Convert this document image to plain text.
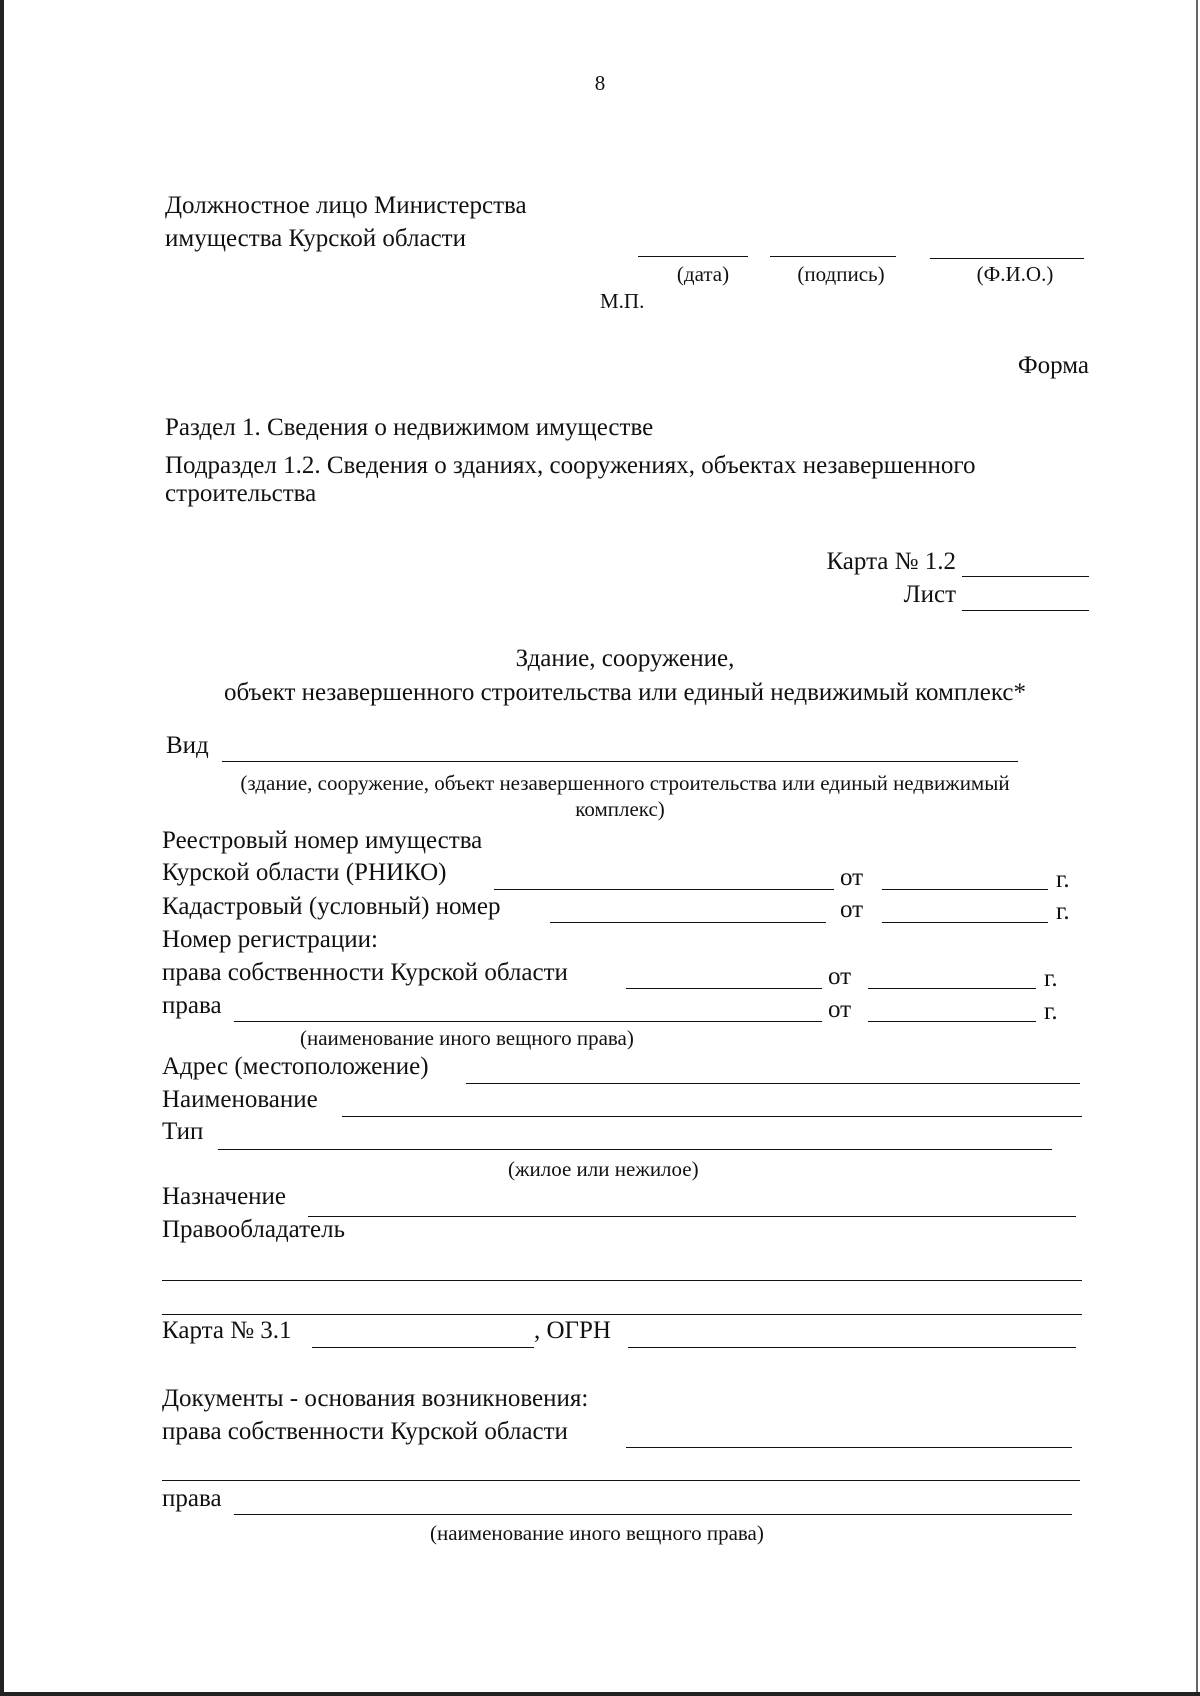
8
Должностное лицо Министерства
имущества Курской области
(дата)	(подпись)	(Ф.И.О.)
М.П.
Форма
Раздел 1. Сведения о недвижимом имуществе
Подраздел 1.2. Сведения о зданиях, сооружениях, объектах незавершенного
строительства
Карта № 1.2
Лист
Здание, сооружение,
объект незавершенного строительства или единый недвижимый комплекс*
Вид
(здание, сооружение, объект незавершенного строительства или единый недвижимый
комплекс)
Реестровый номер имущества
Курской области (РНИКО)	от	г.
Кадастровый (условный) номер	от	г.
Номер регистрации:
права собственности Курской области	от	г.
права	от	г.
(наименование иного вещного права)
Адрес (местоположение)
Наименование
Тип
(жилое или нежилое)
Назначение
Правообладатель
Карта № 3.1	, ОГРН
Документы - основания возникновения:
права собственности Курской области
права
(наименование иного вещного права)
